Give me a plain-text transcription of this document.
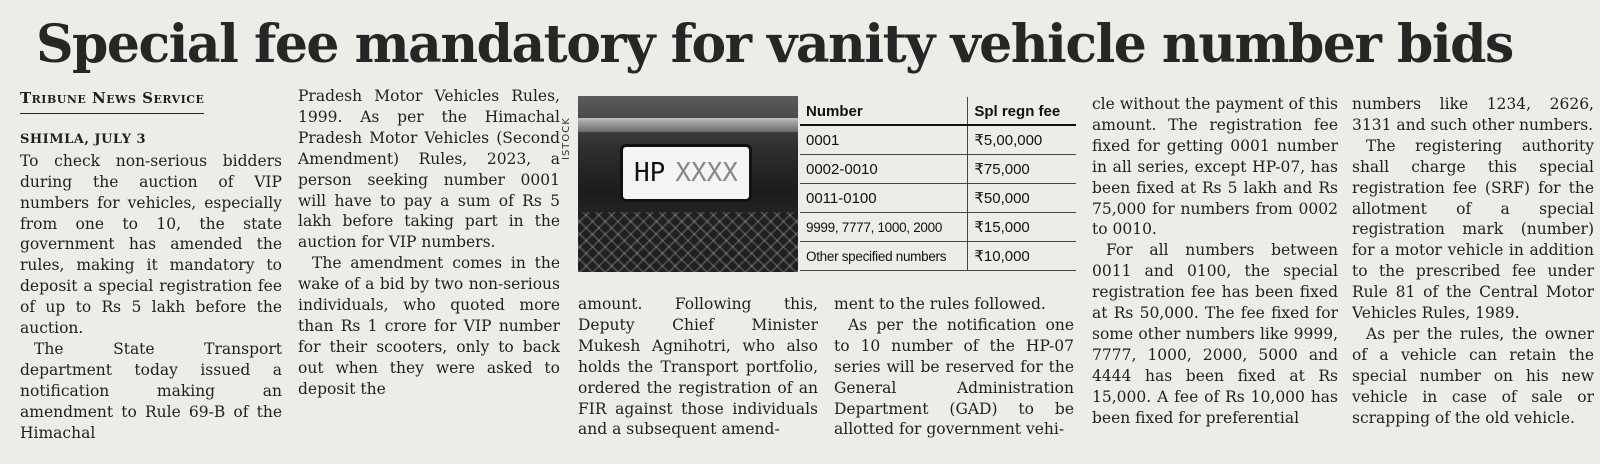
Special fee mandatory for vanity vehicle number bids
Tribune News Service

SHIMLA, JULY 3

To check non-serious bidders during the auction of VIP numbers for vehicles, especially from one to 10, the state government has amended the rules, making it mandatory to deposit a special registration fee of up to Rs 5 lakh before the auction.

The State Transport department today issued a notification making an amendment to Rule 69-B of the Himachal

Pradesh Motor Vehicles Rules, 1999. As per the Himachal Pradesh Motor Vehicles (Second Amendment) Rules, 2023, a person seeking number 0001 will have to pay a sum of Rs 5 lakh before taking part in the auction for VIP numbers.

The amendment comes in the wake of a bid by two non-serious individuals, who quoted more than Rs 1 crore for VIP number for their scooters, only to back out when they were asked to deposit the

ISTOCK
HP XXXX
Number	Spl regn fee
0001	₹5,00,000
0002-0010	₹75,000
0011-0100	₹50,000
9999, 7777, 1000, 2000	₹15,000
Other specified numbers	₹10,000

amount. Following this, Deputy Chief Minister Mukesh Agnihotri, who also holds the Transport portfolio, ordered the registration of an FIR against those individuals and a subsequent amend-

ment to the rules followed.

As per the notification one to 10 number of the HP-07 series will be reserved for the General Administration Department (GAD) to be allotted for government vehi-

cle without the payment of this amount. The registration fee fixed for getting 0001 number in all series, except HP-07, has been fixed at Rs 5 lakh and Rs 75,000 for numbers from 0002 to 0010.

For all numbers between 0011 and 0100, the special registration fee has been fixed at Rs 50,000. The fee fixed for some other numbers like 9999, 7777, 1000, 2000, 5000 and 4444 has been fixed at Rs 15,000. A fee of Rs 10,000 has been fixed for preferential

numbers like 1234, 2626, 3131 and such other numbers.

The registering authority shall charge this special registration fee (SRF) for the allotment of a special registration mark (number) for a motor vehicle in addition to the prescribed fee under Rule 81 of the Central Motor Vehicles Rules, 1989.

As per the rules, the owner of a vehicle can retain the special number on his new vehicle in case of sale or scrapping of the old vehicle.
